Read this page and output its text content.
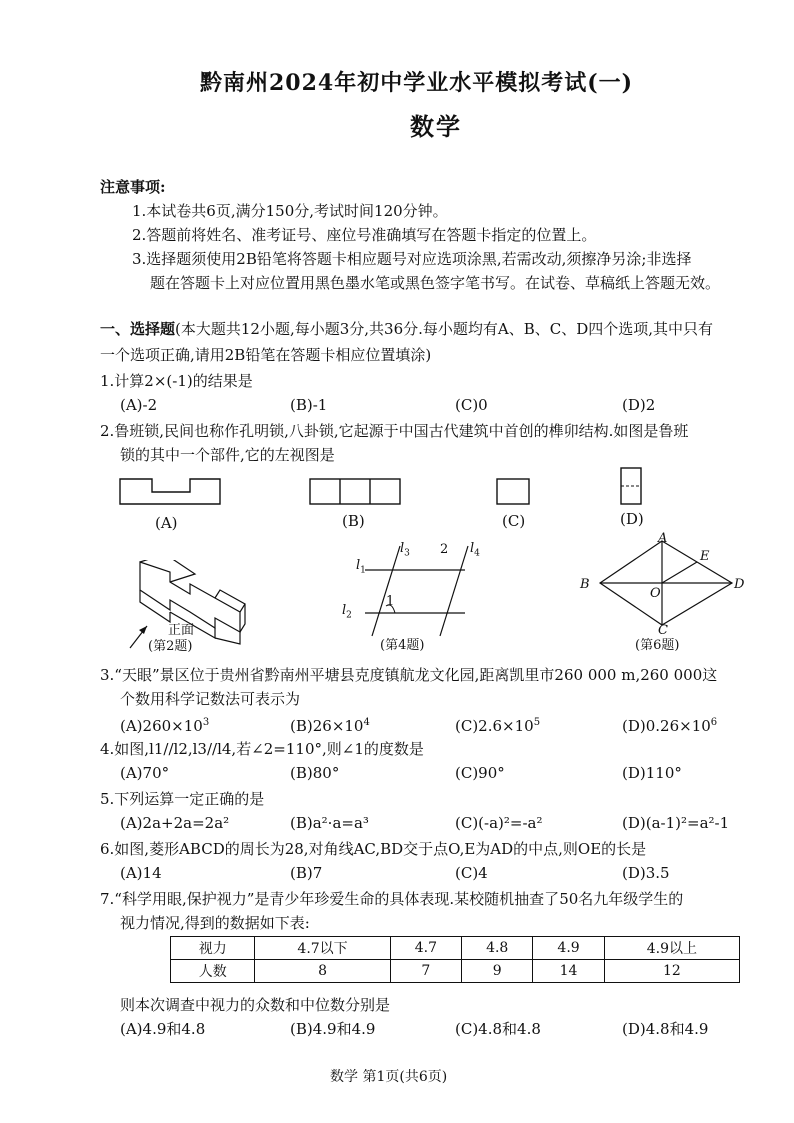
黔南州2024年初中学业水平模拟考试(一)
数学
注意事项:
1.本试卷共6页,满分150分,考试时间120分钟。
2.答题前将姓名、准考证号、座位号准确填写在答题卡指定的位置上。
3.选择题须使用2B铅笔将答题卡相应题号对应选项涂黑,若需改动,须擦净另涂;非选择
题在答题卡上对应位置用黑色墨水笔或黑色签字笔书写。在试卷、草稿纸上答题无效。
一、选择题(本大题共12小题,每小题3分,共36分.每小题均有A、B、C、D四个选项,其中只有
一个选项正确,请用2B铅笔在答题卡相应位置填涂)
1.计算2×(-1)的结果是
(A)-2	(B)-1	(C)0	(D)2
2.鲁班锁,民间也称作孔明锁,八卦锁,它起源于中国古代建筑中首创的榫卯结构.如图是鲁班
锁的其中一个部件,它的左视图是
(A)	(B)	(C)	(D)
正面
(第2题)
$l_1$
$l_2$
$l_3$	$l_4$
2
1
(第4题)
A
B
C
D
E
O
(第6题)
3.“天眼”景区位于贵州省黔南州平塘县克度镇航龙文化园,距离凯里市260 000 m,260 000这
个数用科学记数法可表示为
$(A)260\times 10^3$	$(B)26\times 10^4$	$(C)2.6\times 10^5$	$(D)0.26\times 10^6$
4.如图,l1//l2,l3//l4,若∠2=110°,则∠1的度数是
(A)70°	(B)80°	(C)90°	(D)110°
5.下列运算一定正确的是
(A)2a+2a=2a²	(B)a²·a=a³	(C)(-a)²=-a²	(D)(a-1)²=a²-1
6.如图,菱形ABCD的周长为28,对角线AC,BD交于点O,E为AD的中点,则OE的长是
(A)14	(B)7	(C)4	(D)3.5
7.“科学用眼,保护视力”是青少年珍爱生命的具体表现.某校随机抽查了50名九年级学生的
视力情况,得到的数据如下表:
视力	4.7以下	4.7	4.8	4.9	4.9以上
人数	8	7	9	14	12
则本次调查中视力的众数和中位数分别是
(A)4.9和4.8	(B)4.9和4.9	(C)4.8和4.8	(D)4.8和4.9
数学 第1页(共6页)
